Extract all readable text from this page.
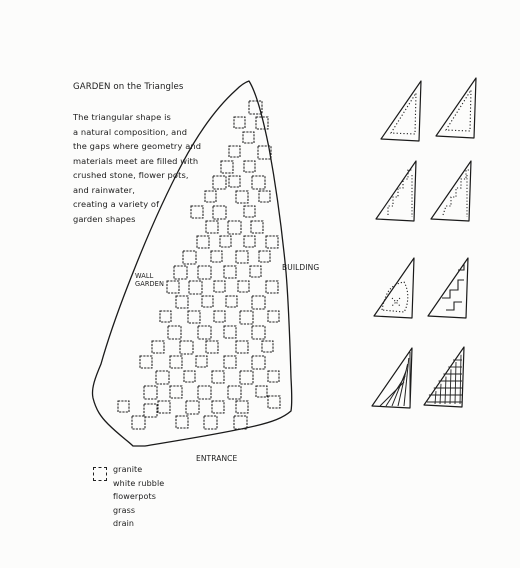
GARDEN on the Triangles
The triangular shape is
a natural composition, and
the gaps where geometry and
materials meet are filled with
crushed stone, flower pots,
and rainwater,
creating a variety of
garden shapes
WALL
GARDEN
BUILDING
ENTRANCE
granite
white rubble
flowerpots
grass
drain
